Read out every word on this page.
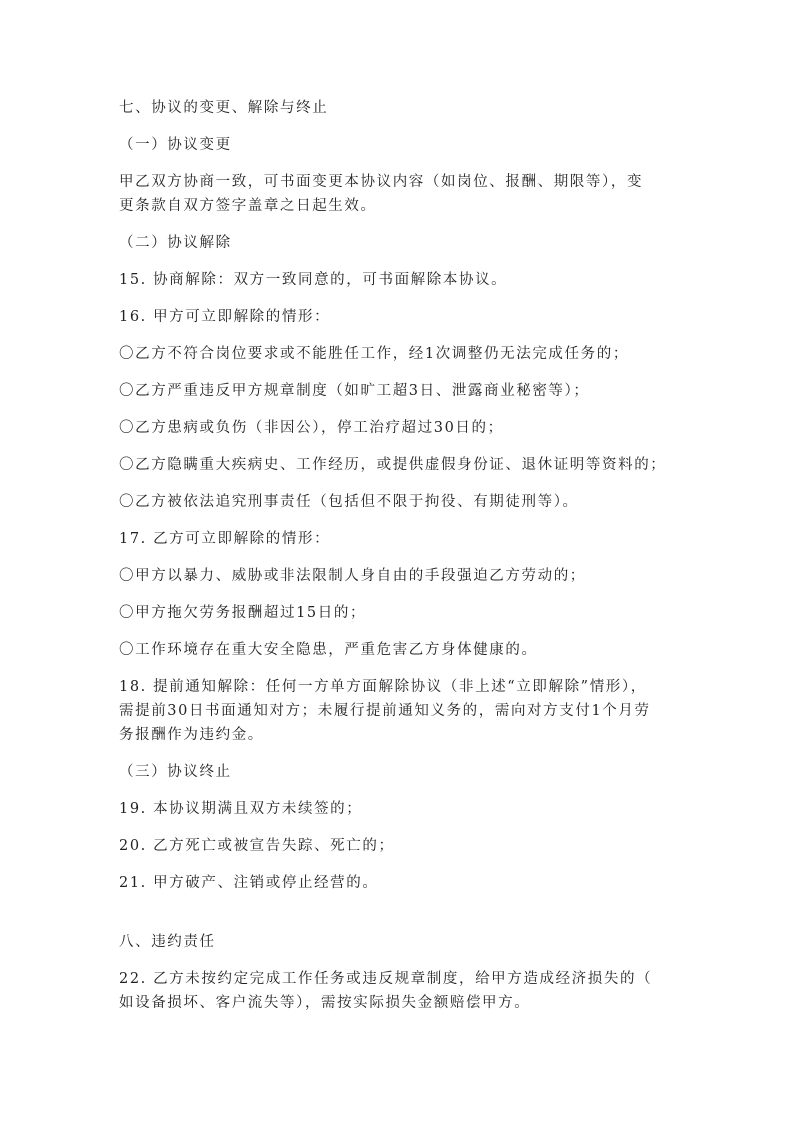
七、协议的变更、解除与终止

（一）协议变更

甲乙双方协商一致，可书面变更本协议内容（如岗位、报酬、期限等），变

更条款自双方签字盖章之日起生效。

（二）协议解除

15. 协商解除：双方一致同意的，可书面解除本协议。

16. 甲方可立即解除的情形：

〇乙方不符合岗位要求或不能胜任工作，经1次调整仍无法完成任务的；

〇乙方严重违反甲方规章制度（如旷工超3日、泄露商业秘密等）；

〇乙方患病或负伤（非因公），停工治疗超过30日的；

〇乙方隐瞒重大疾病史、工作经历，或提供虚假身份证、退休证明等资料的；

〇乙方被依法追究刑事责任（包括但不限于拘役、有期徒刑等）。

17. 乙方可立即解除的情形：

〇甲方以暴力、威胁或非法限制人身自由的手段强迫乙方劳动的；

〇甲方拖欠劳务报酬超过15日的；

〇工作环境存在重大安全隐患，严重危害乙方身体健康的。

18. 提前通知解除：任何一方单方面解除协议（非上述“立即解除”情形），

需提前30日书面通知对方；未履行提前通知义务的，需向对方支付1个月劳

务报酬作为违约金。

（三）协议终止

19. 本协议期满且双方未续签的；

20. 乙方死亡或被宣告失踪、死亡的；

21. 甲方破产、注销或停止经营的。

八、违约责任

22. 乙方未按约定完成工作任务或违反规章制度，给甲方造成经济损失的（

如设备损坏、客户流失等），需按实际损失金额赔偿甲方。
